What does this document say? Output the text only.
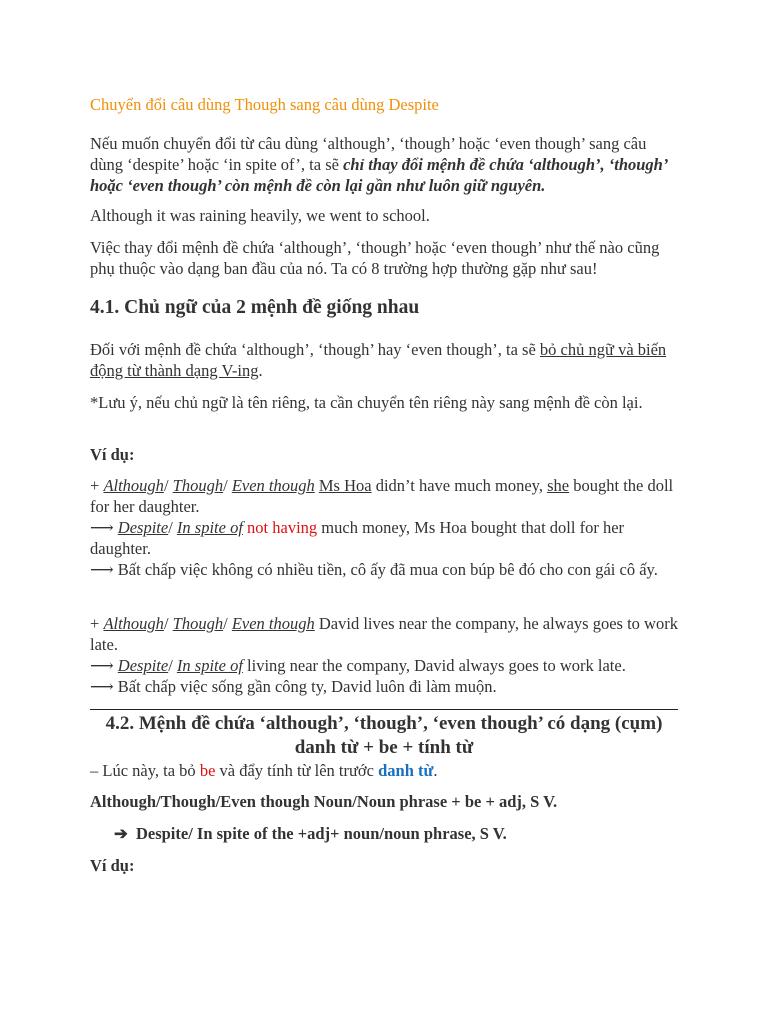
Chuyển đổi câu dùng Though sang câu dùng Despite

Nếu muốn chuyển đổi từ câu dùng ‘although’, ‘though’ hoặc ‘even though’ sang câu dùng ‘despite’ hoặc ‘in spite of’, ta sẽ chỉ thay đổi mệnh đề chứa ‘although’, ‘though’ hoặc ‘even though’ còn mệnh đề còn lại gần như luôn giữ nguyên.

Although it was raining heavily, we went to school.

Việc thay đổi mệnh đề chứa ‘although’, ‘though’ hoặc ‘even though’ như thế nào cũng phụ thuộc vào dạng ban đầu của nó. Ta có 8 trường hợp thường gặp như sau!

4.1. Chủ ngữ của 2 mệnh đề giống nhau

Đối với mệnh đề chứa ‘although’, ‘though’ hay ‘even though’, ta sẽ bỏ chủ ngữ và biến động từ thành dạng V-ing.

*Lưu ý, nếu chủ ngữ là tên riêng, ta cần chuyển tên riêng này sang mệnh đề còn lại.

Ví dụ:

+ Although/ Though/ Even though Ms Hoa didn’t have much money, she bought the doll for her daughter.
⟶ Despite/ In spite of not having much money, Ms Hoa bought that doll for her daughter.
⟶ Bất chấp việc không có nhiều tiền, cô ấy đã mua con búp bê đó cho con gái cô ấy.

+ Although/ Though/ Even though David lives near the company, he always goes to work late.
⟶ Despite/ In spite of living near the company, David always goes to work late.
⟶ Bất chấp việc sống gần công ty, David luôn đi làm muộn.

4.2. Mệnh đề chứa ‘although’, ‘though’, ‘even though’ có dạng (cụm) danh từ + be + tính từ

– Lúc này, ta bỏ be và đẩy tính từ lên trước danh từ.

Although/Though/Even though Noun/Noun phrase + be + adj, S V.

➔ Despite/ In spite of the +adj+ noun/noun phrase, S V.

Ví dụ:
